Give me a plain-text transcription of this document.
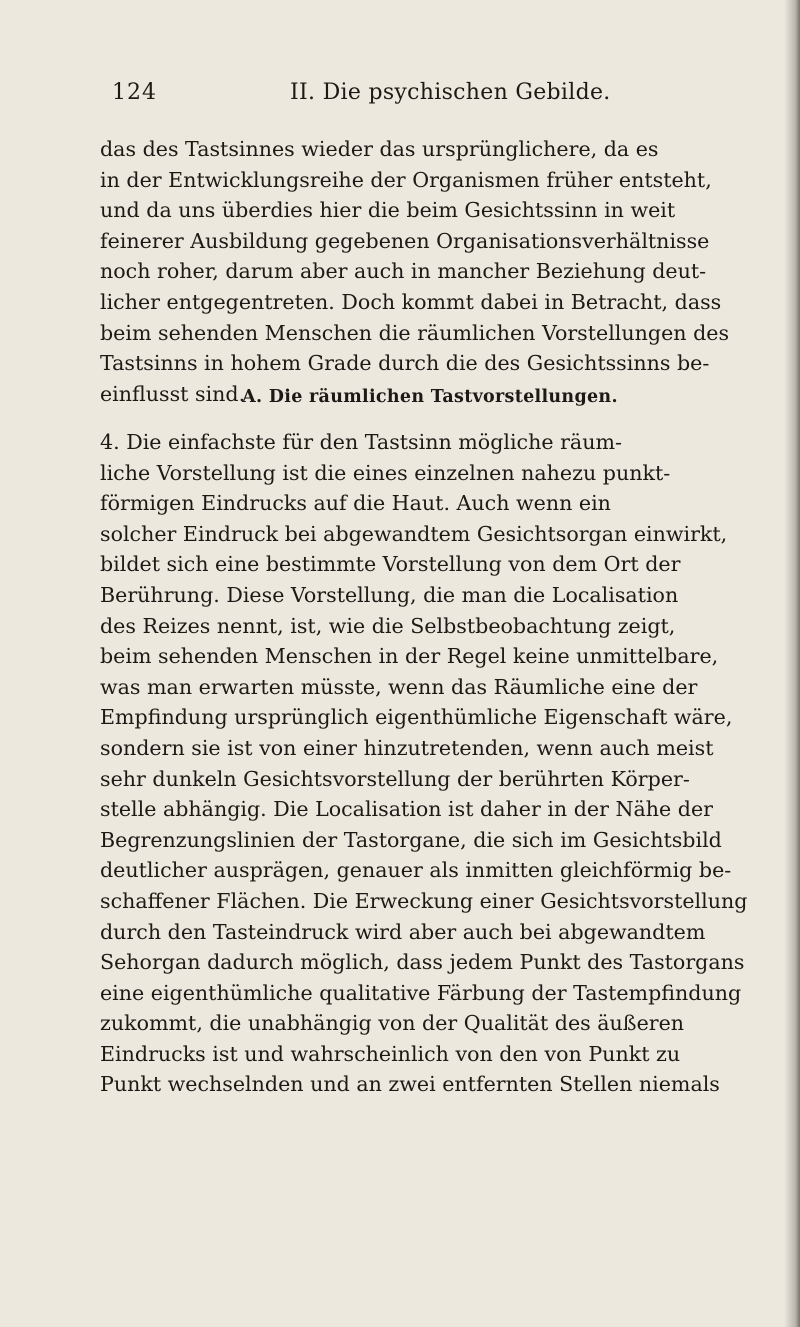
124	II. Die psychischen Gebilde.

das des Tastsinnes wieder das ursprünglichere, da es
in der Entwicklungsreihe der Organismen früher entsteht,
und da uns überdies hier die beim Gesichtssinn in weit
feinerer Ausbildung gegebenen Organisationsverhältnisse
noch roher, darum aber auch in mancher Beziehung deut-
licher entgegentreten. Doch kommt dabei in Betracht, dass
beim sehenden Menschen die räumlichen Vorstellungen des
Tastsinns in hohem Grade durch die des Gesichtssinns be-
einflusst sind.

A. Die räumlichen Tastvorstellungen.

4. Die einfachste für den Tastsinn mögliche räum-
liche Vorstellung ist die eines einzelnen nahezu punkt-
förmigen Eindrucks auf die Haut. Auch wenn ein
solcher Eindruck bei abgewandtem Gesichtsorgan einwirkt,
bildet sich eine bestimmte Vorstellung von dem Ort der
Berührung. Diese Vorstellung, die man die Localisation
des Reizes nennt, ist, wie die Selbstbeobachtung zeigt,
beim sehenden Menschen in der Regel keine unmittelbare,
was man erwarten müsste, wenn das Räumliche eine der
Empfindung ursprünglich eigenthümliche Eigenschaft wäre,
sondern sie ist von einer hinzutretenden, wenn auch meist
sehr dunkeln Gesichtsvorstellung der berührten Körper-
stelle abhängig. Die Localisation ist daher in der Nähe der
Begrenzungslinien der Tastorgane, die sich im Gesichtsbild
deutlicher ausprägen, genauer als inmitten gleichförmig be-
schaffener Flächen. Die Erweckung einer Gesichtsvorstellung
durch den Tasteindruck wird aber auch bei abgewandtem
Sehorgan dadurch möglich, dass jedem Punkt des Tastorgans
eine eigenthümliche qualitative Färbung der Tastempfindung
zukommt, die unabhängig von der Qualität des äußeren
Eindrucks ist und wahrscheinlich von den von Punkt zu
Punkt wechselnden und an zwei entfernten Stellen niemals
